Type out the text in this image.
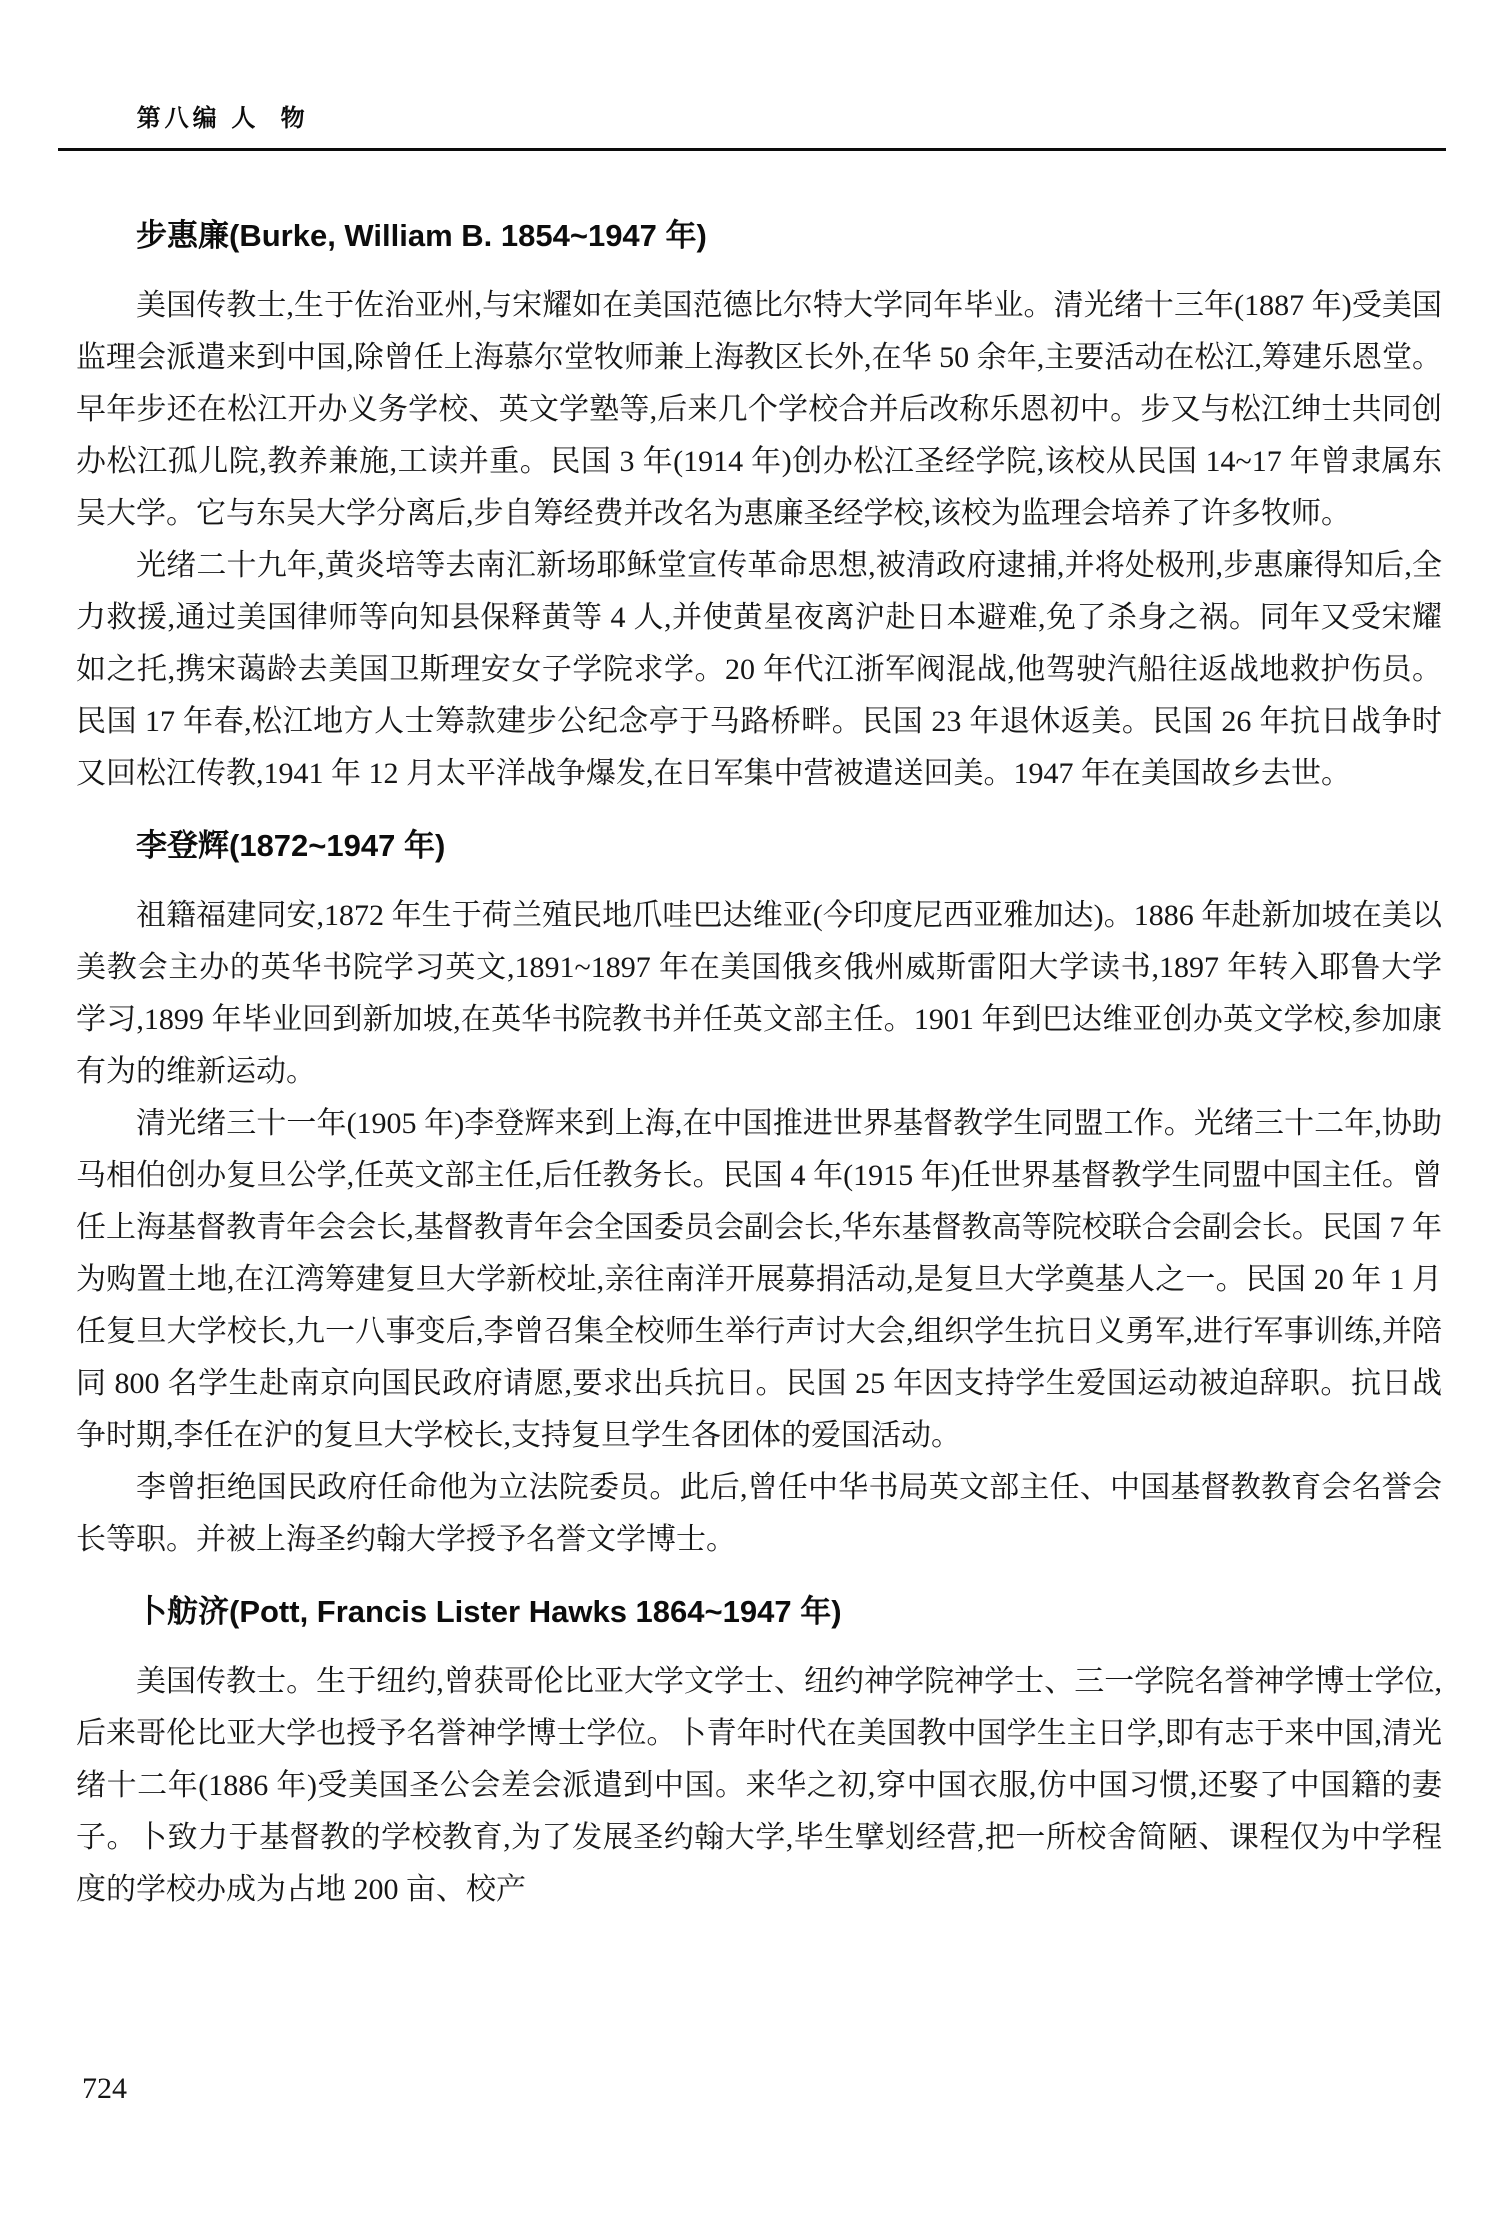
第八编 人  物

步惠廉(Burke, William B. 1854~1947 年)

美国传教士,生于佐治亚州,与宋耀如在美国范德比尔特大学同年毕业。清光绪十三年(1887 年)受美国监理会派遣来到中国,除曾任上海慕尔堂牧师兼上海教区长外,在华 50 余年,主要活动在松江,筹建乐恩堂。早年步还在松江开办义务学校、英文学塾等,后来几个学校合并后改称乐恩初中。步又与松江绅士共同创办松江孤儿院,教养兼施,工读并重。民国 3 年(1914 年)创办松江圣经学院,该校从民国 14~17 年曾隶属东吴大学。它与东吴大学分离后,步自筹经费并改名为惠廉圣经学校,该校为监理会培养了许多牧师。

光绪二十九年,黄炎培等去南汇新场耶稣堂宣传革命思想,被清政府逮捕,并将处极刑,步惠廉得知后,全力救援,通过美国律师等向知县保释黄等 4 人,并使黄星夜离沪赴日本避难,免了杀身之祸。同年又受宋耀如之托,携宋蔼龄去美国卫斯理安女子学院求学。20 年代江浙军阀混战,他驾驶汽船往返战地救护伤员。民国 17 年春,松江地方人士筹款建步公纪念亭于马路桥畔。民国 23 年退休返美。民国 26 年抗日战争时又回松江传教,1941 年 12 月太平洋战争爆发,在日军集中营被遣送回美。1947 年在美国故乡去世。

李登辉(1872~1947 年)

祖籍福建同安,1872 年生于荷兰殖民地爪哇巴达维亚(今印度尼西亚雅加达)。1886 年赴新加坡在美以美教会主办的英华书院学习英文,1891~1897 年在美国俄亥俄州威斯雷阳大学读书,1897 年转入耶鲁大学学习,1899 年毕业回到新加坡,在英华书院教书并任英文部主任。1901 年到巴达维亚创办英文学校,参加康有为的维新运动。

清光绪三十一年(1905 年)李登辉来到上海,在中国推进世界基督教学生同盟工作。光绪三十二年,协助马相伯创办复旦公学,任英文部主任,后任教务长。民国 4 年(1915 年)任世界基督教学生同盟中国主任。曾任上海基督教青年会会长,基督教青年会全国委员会副会长,华东基督教高等院校联合会副会长。民国 7 年为购置土地,在江湾筹建复旦大学新校址,亲往南洋开展募捐活动,是复旦大学奠基人之一。民国 20 年 1 月任复旦大学校长,九一八事变后,李曾召集全校师生举行声讨大会,组织学生抗日义勇军,进行军事训练,并陪同 800 名学生赴南京向国民政府请愿,要求出兵抗日。民国 25 年因支持学生爱国运动被迫辞职。抗日战争时期,李任在沪的复旦大学校长,支持复旦学生各团体的爱国活动。

李曾拒绝国民政府任命他为立法院委员。此后,曾任中华书局英文部主任、中国基督教教育会名誉会长等职。并被上海圣约翰大学授予名誉文学博士。

卜舫济(Pott, Francis Lister Hawks 1864~1947 年)

美国传教士。生于纽约,曾获哥伦比亚大学文学士、纽约神学院神学士、三一学院名誉神学博士学位,后来哥伦比亚大学也授予名誉神学博士学位。卜青年时代在美国教中国学生主日学,即有志于来中国,清光绪十二年(1886 年)受美国圣公会差会派遣到中国。来华之初,穿中国衣服,仿中国习惯,还娶了中国籍的妻子。卜致力于基督教的学校教育,为了发展圣约翰大学,毕生擘划经营,把一所校舍简陋、课程仅为中学程度的学校办成为占地 200 亩、校产

724
